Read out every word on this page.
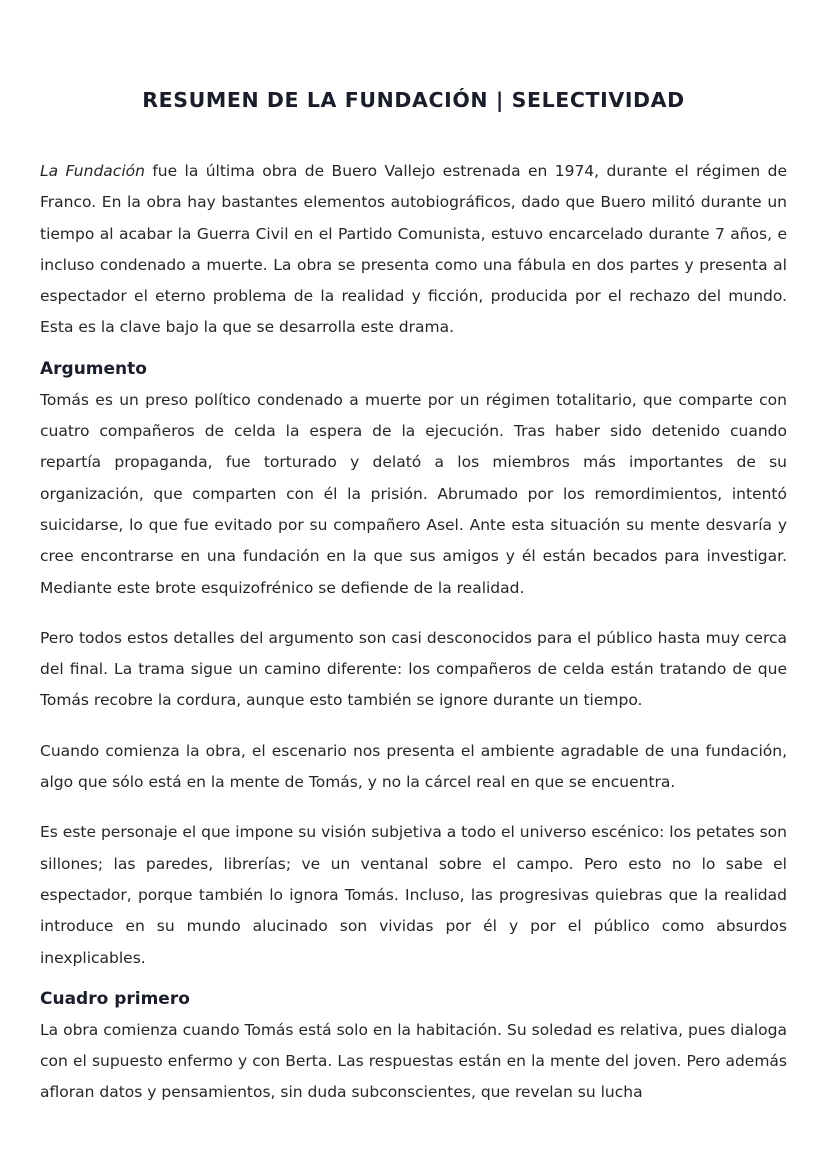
RESUMEN DE LA FUNDACIÓN | SELECTIVIDAD

La Fundación fue la última obra de Buero Vallejo estrenada en 1974, durante el régimen de Franco. En la obra hay bastantes elementos autobiográficos, dado que Buero militó durante un tiempo al acabar la Guerra Civil en el Partido Comunista, estuvo encarcelado durante 7 años, e incluso condenado a muerte. La obra se presenta como una fábula en dos partes y presenta al espectador el eterno problema de la realidad y ficción, producida por el rechazo del mundo. Esta es la clave bajo la que se desarrolla este drama.

Argumento

Tomás es un preso político condenado a muerte por un régimen totalitario, que comparte con cuatro compañeros de celda la espera de la ejecución. Tras haber sido detenido cuando repartía propaganda, fue torturado y delató a los miembros más importantes de su organización, que comparten con él la prisión. Abrumado por los remordimientos, intentó suicidarse, lo que fue evitado por su compañero Asel. Ante esta situación su mente desvaría y cree encontrarse en una fundación en la que sus amigos y él están becados para investigar. Mediante este brote esquizofrénico se defiende de la realidad.

Pero todos estos detalles del argumento son casi desconocidos para el público hasta muy cerca del final. La trama sigue un camino diferente: los compañeros de celda están tratando de que Tomás recobre la cordura, aunque esto también se ignore durante un tiempo.

Cuando comienza la obra, el escenario nos presenta el ambiente agradable de una fundación, algo que sólo está en la mente de Tomás, y no la cárcel real en que se encuentra.

Es este personaje el que impone su visión subjetiva a todo el universo escénico: los petates son sillones; las paredes, librerías; ve un ventanal sobre el campo. Pero esto no lo sabe el espectador, porque también lo ignora Tomás. Incluso, las progresivas quiebras que la realidad introduce en su mundo alucinado son vividas por él y por el público como absurdos inexplicables.

Cuadro primero

La obra comienza cuando Tomás está solo en la habitación. Su soledad es relativa, pues dialoga con el supuesto enfermo y con Berta. Las respuestas están en la mente del joven. Pero además afloran datos y pensamientos, sin duda subconscientes, que revelan su lucha
